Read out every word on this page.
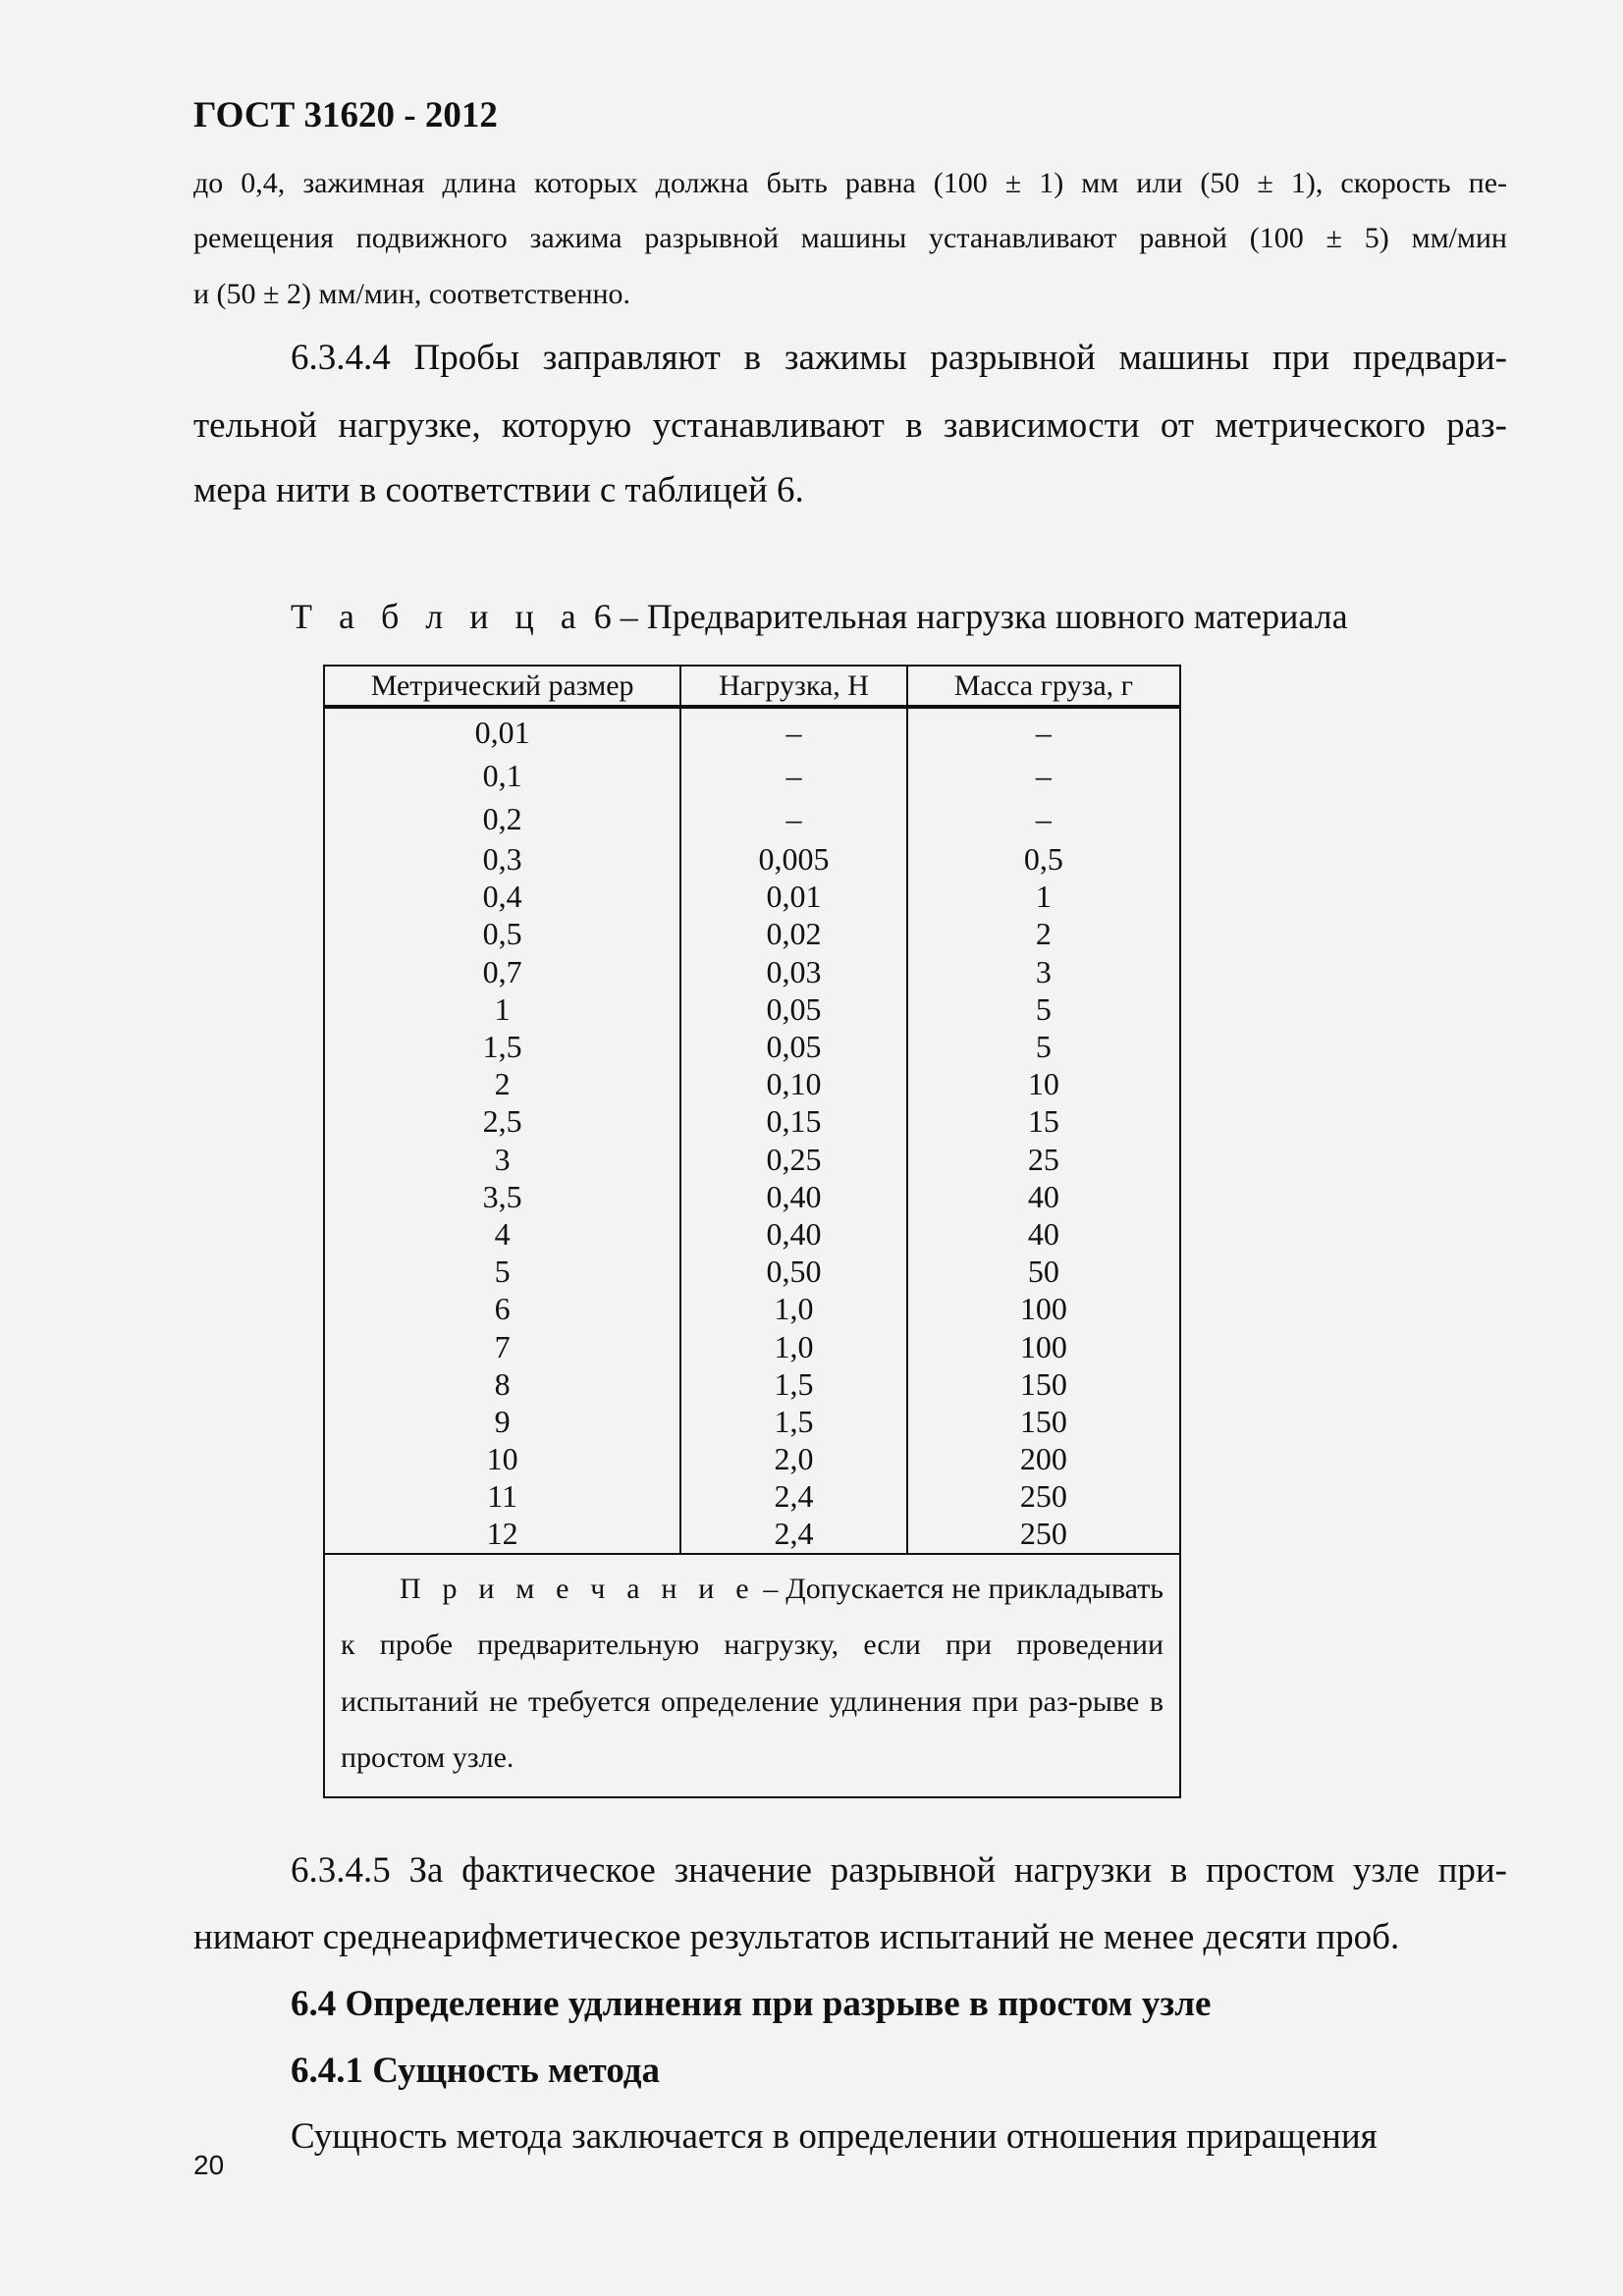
ГОСТ 31620 - 2012
до 0,4, зажимная длина которых должна быть равна (100 ± 1) мм или (50 ± 1), скорость пе-
ремещения подвижного зажима разрывной машины устанавливают равной (100 ± 5) мм/мин
и (50 ± 2) мм/мин, соответственно.
6.3.4.4 Пробы заправляют в зажимы разрывной машины при предвари-
тельной нагрузке, которую устанавливают в зависимости от метрического раз-
мера нити в соответствии с таблицей 6.
Т а б л и ц а 6 – Предварительная нагрузка шовного материала
Метрический размер	Нагрузка, Н	Масса груза, г
0,01	–	–
0,1	–	–
0,2	–	–
0,3	0,005	0,5
0,4	0,01	1
0,5	0,02	2
0,7	0,03	3
1	0,05	5
1,5	0,05	5
2	0,10	10
2,5	0,15	15
3	0,25	25
3,5	0,40	40
4	0,40	40
5	0,50	50
6	1,0	100
7	1,0	100
8	1,5	150
9	1,5	150
10	2,0	200
11	2,4	250
12	2,4	250
П р и м е ч а н и е – Допускается не прикладывать к пробе предварительную нагрузку, если при проведении испытаний не требуется определение удлинения при раз-рыве в простом узле.		
6.3.4.5 За фактическое значение разрывной нагрузки в простом узле при-
нимают среднеарифметическое результатов испытаний не менее десяти проб.
6.4 Определение удлинения при разрыве в простом узле
6.4.1 Сущность метода
Сущность метода заключается в определении отношения приращения
20
